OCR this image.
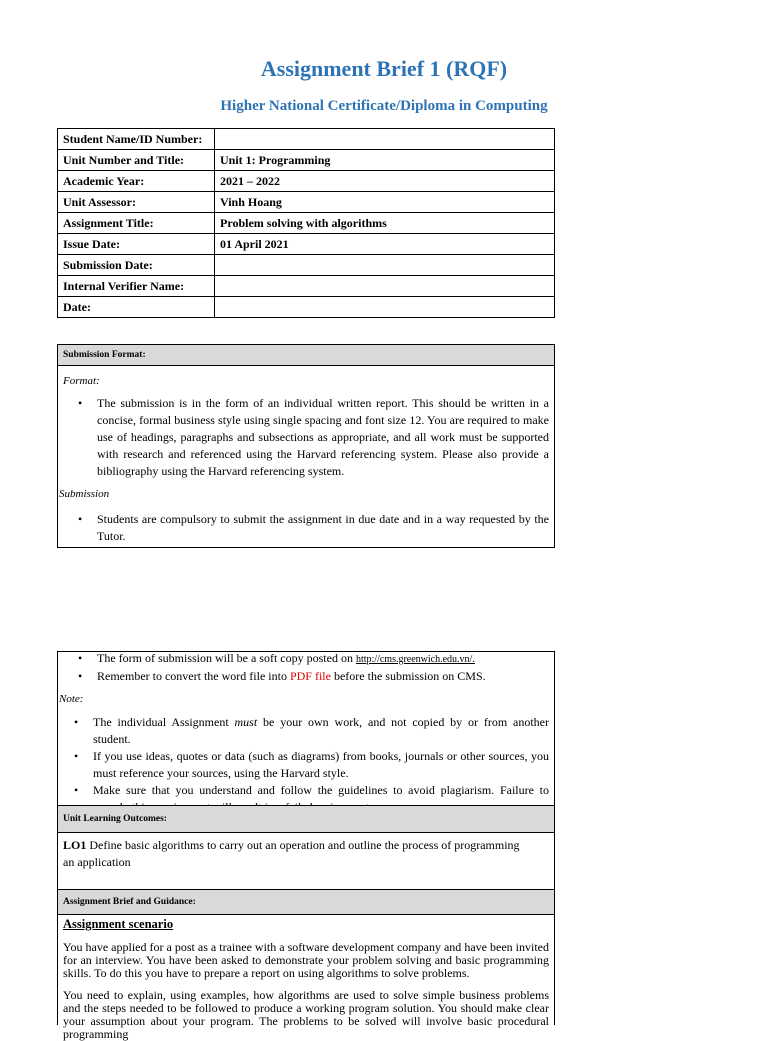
Assignment Brief 1 (RQF)
Higher National Certificate/Diploma in Computing
Student Name/ID Number:	
Unit Number and Title:	Unit 1: Programming
Academic Year:	2021 – 2022
Unit Assessor:	Vinh Hoang
Assignment Title:	Problem solving with algorithms
Issue Date:	01 April 2021
Submission Date:	
Internal Verifier Name:	
Date:	
Submission Format:
Format:
• The submission is in the form of an individual written report. This should be written in a concise, formal business style using single spacing and font size 12. You are required to make use of headings, paragraphs and subsections as appropriate, and all work must be supported with research and referenced using the Harvard referencing system. Please also provide a bibliography using the Harvard referencing system.
Submission
• Students are compulsory to submit the assignment in due date and in a way requested by the Tutor.
• The form of submission will be a soft copy posted on http://cms.greenwich.edu.vn/.
• Remember to convert the word file into PDF file before the submission on CMS.
Note:
• The individual Assignment must be your own work, and not copied by or from another student.
• If you use ideas, quotes or data (such as diagrams) from books, journals or other sources, you must reference your sources, using the Harvard style.
• Make sure that you understand and follow the guidelines to avoid plagiarism. Failure to
Unit Learning Outcomes:
LO1 Define basic algorithms to carry out an operation and outline the process of programming an application
Assignment Brief and Guidance:
Assignment scenario

You have applied for a post as a trainee with a software development company and have been invited for an interview. You have been asked to demonstrate your problem solving and basic programming skills. To do this you have to prepare a report on using algorithms to solve problems.

You need to explain, using examples, how algorithms are used to solve simple business problems and the steps needed to be followed to produce a working program solution. You should make clear your assumption about your program. The problems to be solved will involve basic procedural programming
